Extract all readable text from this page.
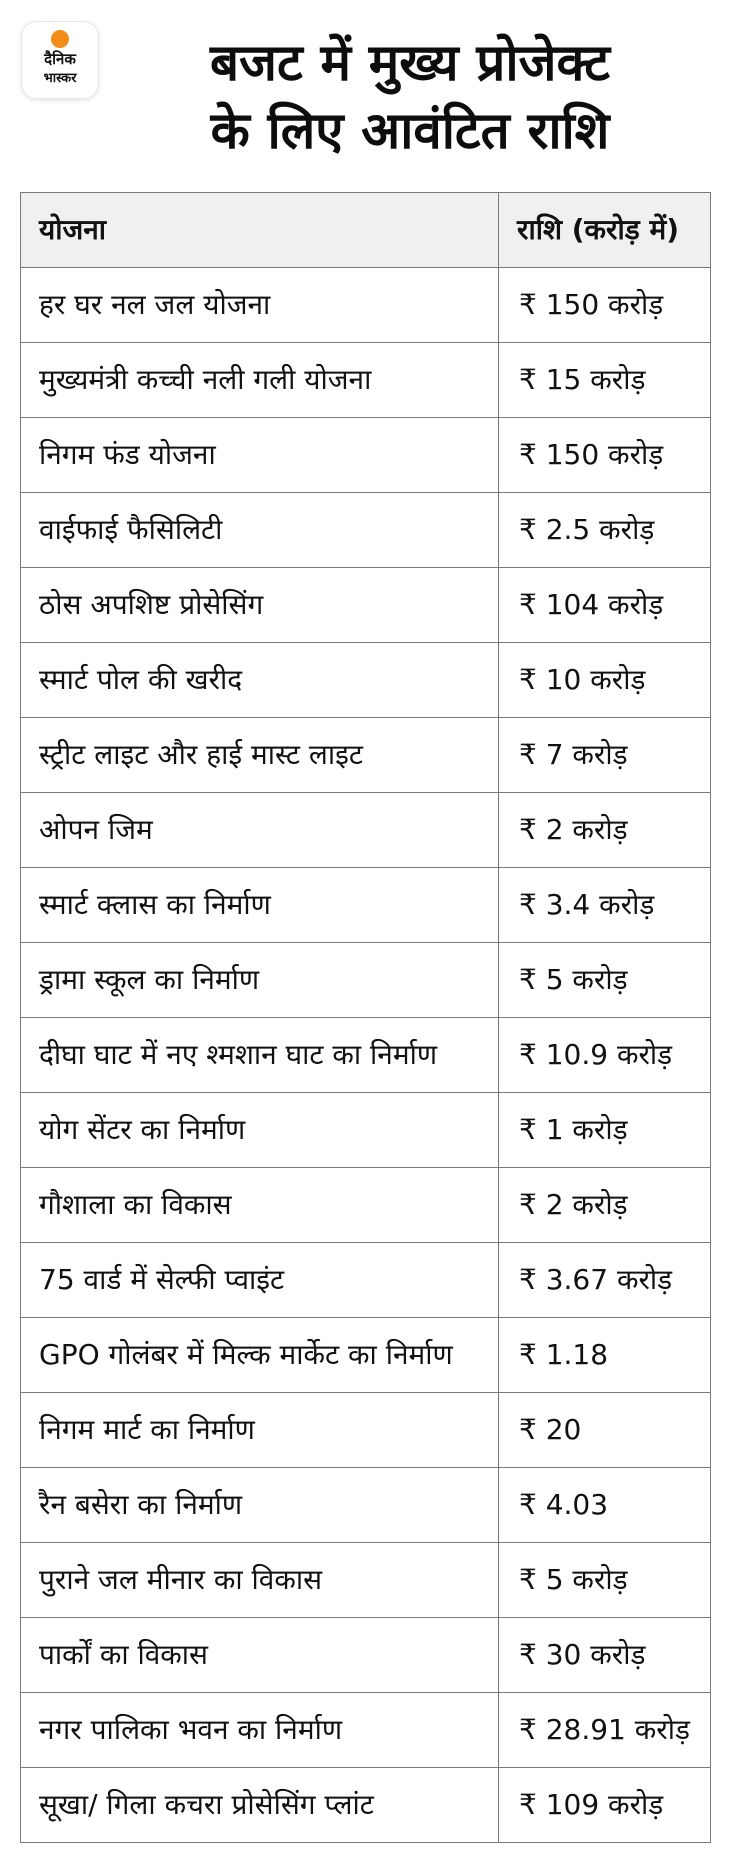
दैनिक
भास्कर	बजट में मुख्य प्रोजेक्ट
के लिए आवंटित राशि
योजना	राशि (करोड़ में)
हर घर नल जल योजना	₹ 150 करोड़
मुख्यमंत्री कच्ची नली गली योजना	₹ 15 करोड़
निगम फंड योजना	₹ 150 करोड़
वाईफाई फैसिलिटी	₹ 2.5 करोड़
ठोस अपशिष्ट प्रोसेसिंग	₹ 104 करोड़
स्मार्ट पोल की खरीद	₹ 10 करोड़
स्ट्रीट लाइट और हाई मास्ट लाइट	₹ 7 करोड़
ओपन जिम	₹ 2 करोड़
स्मार्ट क्लास का निर्माण	₹ 3.4 करोड़
ड्रामा स्कूल का निर्माण	₹ 5 करोड़
दीघा घाट में नए श्मशान घाट का निर्माण	₹ 10.9 करोड़
योग सेंटर का निर्माण	₹ 1 करोड़
गौशाला का विकास	₹ 2 करोड़
75 वार्ड में सेल्फी प्वाइंट	₹ 3.67 करोड़
GPO गोलंबर में मिल्क मार्केट का निर्माण	₹ 1.18
निगम मार्ट का निर्माण	₹ 20
रैन बसेरा का निर्माण	₹ 4.03
पुराने जल मीनार का विकास	₹ 5 करोड़
पार्कों का विकास	₹ 30 करोड़
नगर पालिका भवन का निर्माण	₹ 28.91 करोड़
सूखा/ गिला कचरा प्रोसेसिंग प्लांट	₹ 109 करोड़
